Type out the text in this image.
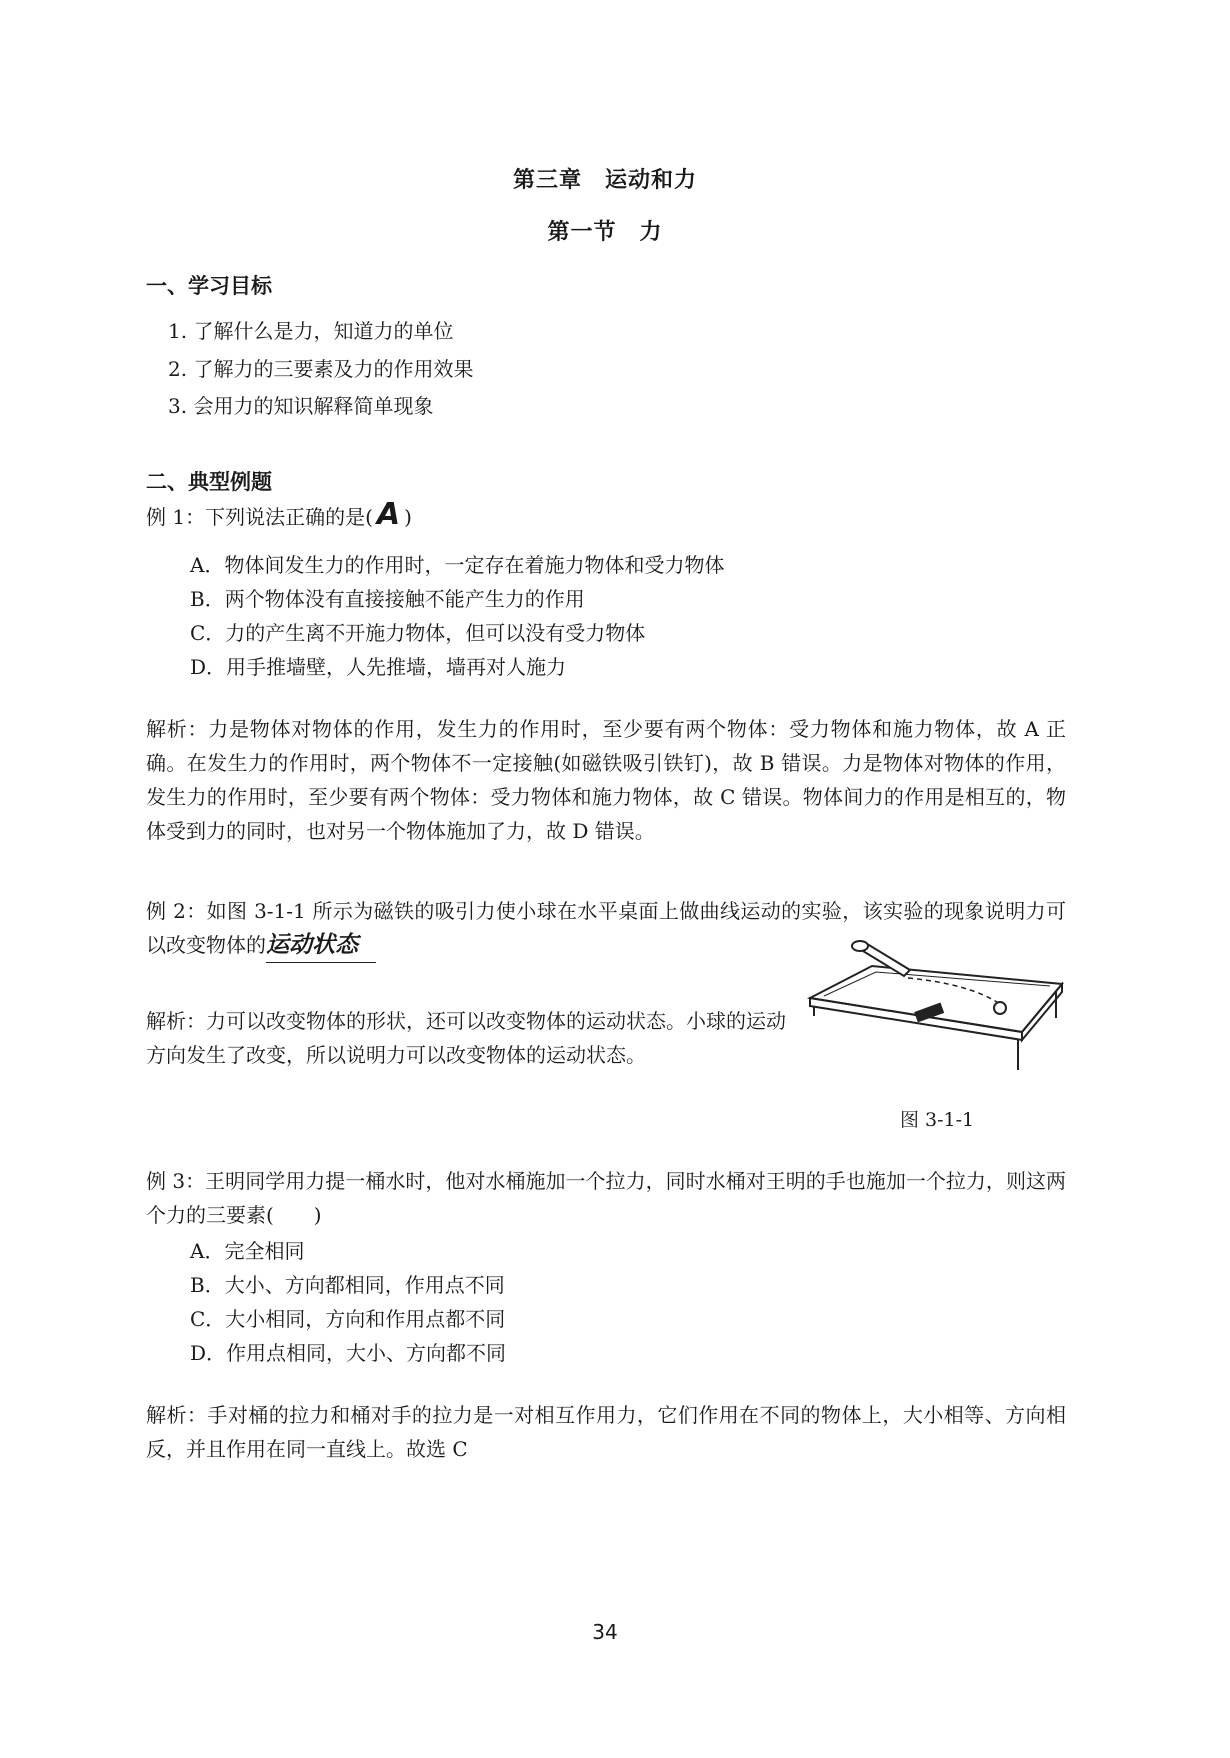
第三章　运动和力
第一节　力
一、学习目标
1. 了解什么是力，知道力的单位
2. 了解力的三要素及力的作用效果
3. 会用力的知识解释简单现象
二、典型例题
例 1：下列说法正确的是( A )
A．物体间发生力的作用时，一定存在着施力物体和受力物体
B．两个物体没有直接接触不能产生力的作用
C．力的产生离不开施力物体，但可以没有受力物体
D．用手推墙壁，人先推墙，墙再对人施力
解析：力是物体对物体的作用，发生力的作用时，至少要有两个物体：受力物体和施力物体，故 A 正确。在发生力的作用时，两个物体不一定接触(如磁铁吸引铁钉)，故 B 错误。力是物体对物体的作用，发生力的作用时，至少要有两个物体：受力物体和施力物体，故 C 错误。物体间力的作用是相互的，物体受到力的同时，也对另一个物体施加了力，故 D 错误。
例 2：如图 3-1-1 所示为磁铁的吸引力使小球在水平桌面上做曲线运动的实验，该实验的现象说明力可以改变物体的运动状态
解析：力可以改变物体的形状，还可以改变物体的运动状态。小球的运动方向发生了改变，所以说明力可以改变物体的运动状态。
图 3-1-1
例 3：王明同学用力提一桶水时，他对水桶施加一个拉力，同时水桶对王明的手也施加一个拉力，则这两个力的三要素(　　)
A．完全相同
B．大小、方向都相同，作用点不同
C．大小相同，方向和作用点都不同
D．作用点相同，大小、方向都不同
解析：手对桶的拉力和桶对手的拉力是一对相互作用力，它们作用在不同的物体上，大小相等、方向相反，并且作用在同一直线上。故选 C
34
